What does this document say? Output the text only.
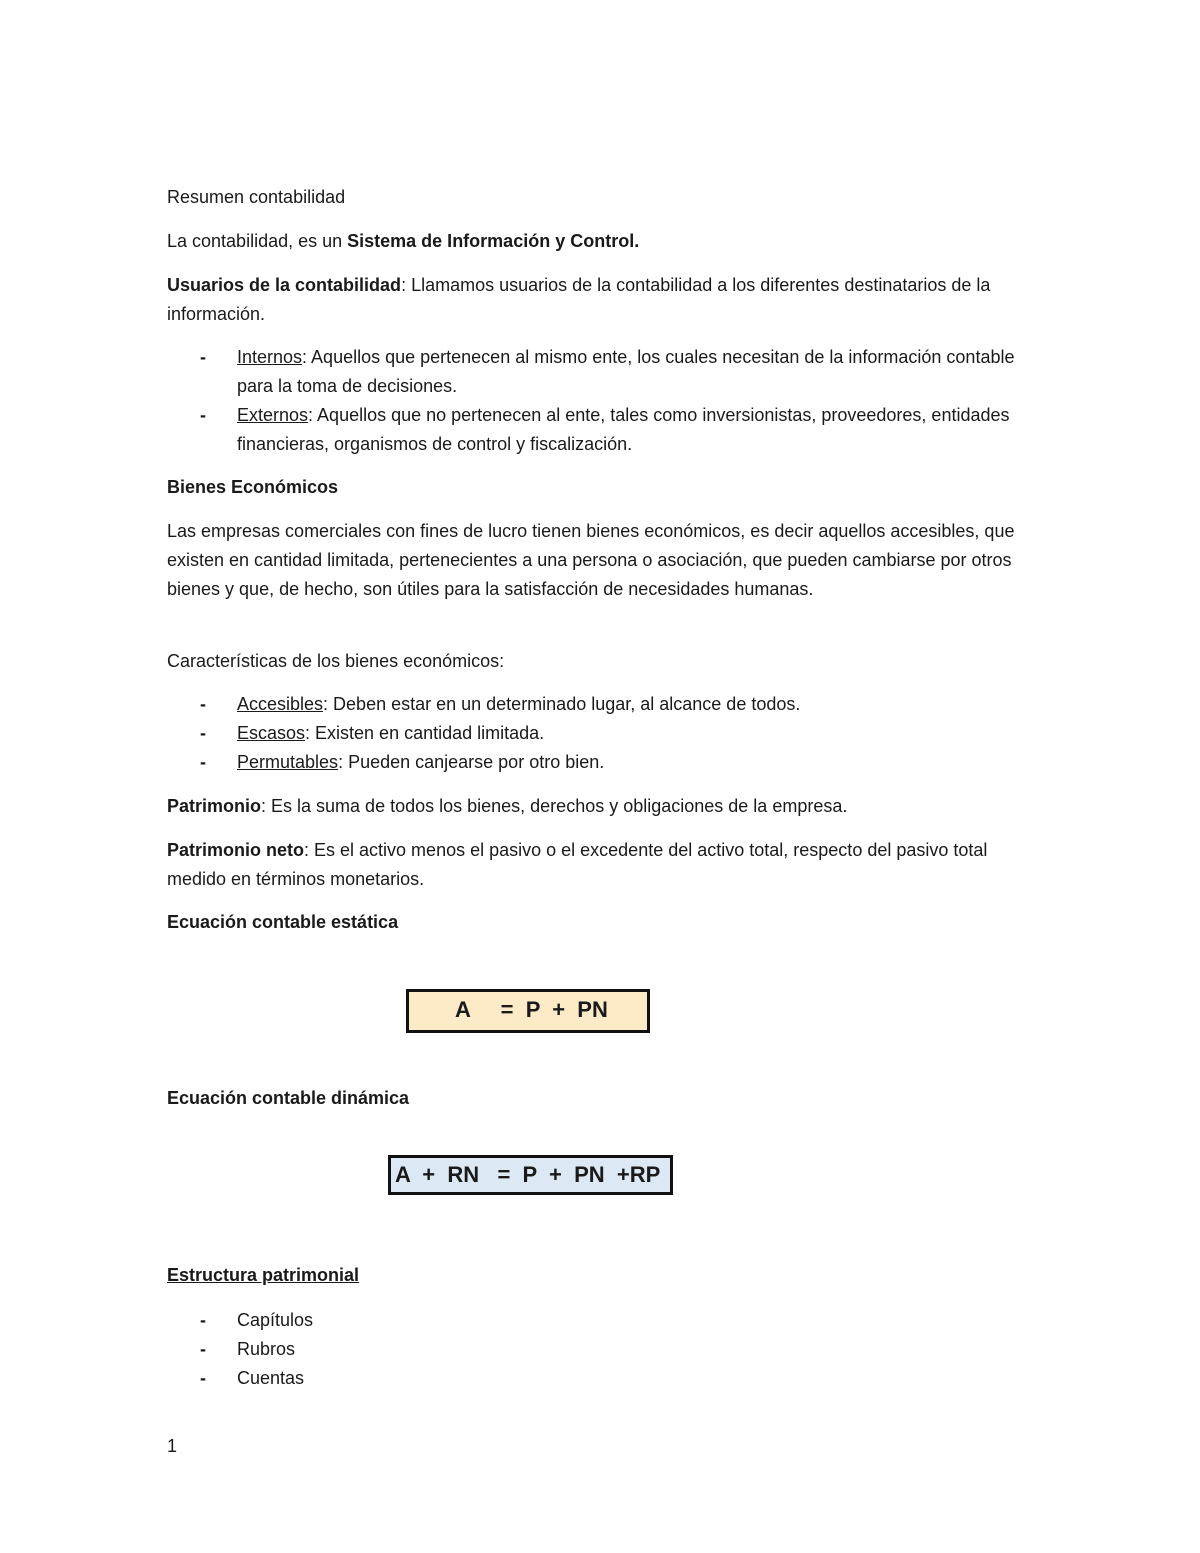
Resumen contabilidad

La contabilidad, es un Sistema de Información y Control.

Usuarios de la contabilidad: Llamamos usuarios de la contabilidad a los diferentes destinatarios de la información.

- Internos: Aquellos que pertenecen al mismo ente, los cuales necesitan de la información contable para la toma de decisiones.
- Externos: Aquellos que no pertenecen al ente, tales como inversionistas, proveedores, entidades financieras, organismos de control y fiscalización.

Bienes Económicos

Las empresas comerciales con fines de lucro tienen bienes económicos, es decir aquellos accesibles, que existen en cantidad limitada, pertenecientes a una persona o asociación, que pueden cambiarse por otros bienes y que, de hecho, son útiles para la satisfacción de necesidades humanas.

Características de los bienes económicos:

- Accesibles: Deben estar en un determinado lugar, al alcance de todos.
- Escasos: Existen en cantidad limitada.
- Permutables: Pueden canjearse por otro bien.

Patrimonio: Es la suma de todos los bienes, derechos y obligaciones de la empresa.

Patrimonio neto: Es el activo menos el pasivo o el excedente del activo total, respecto del pasivo total medido en términos monetarios.

Ecuación contable estática

A     =  P  +  PN

Ecuación contable dinámica

A  +  RN   =  P  +  PN  +RP

Estructura patrimonial

- Capítulos
- Rubros
- Cuentas
1
